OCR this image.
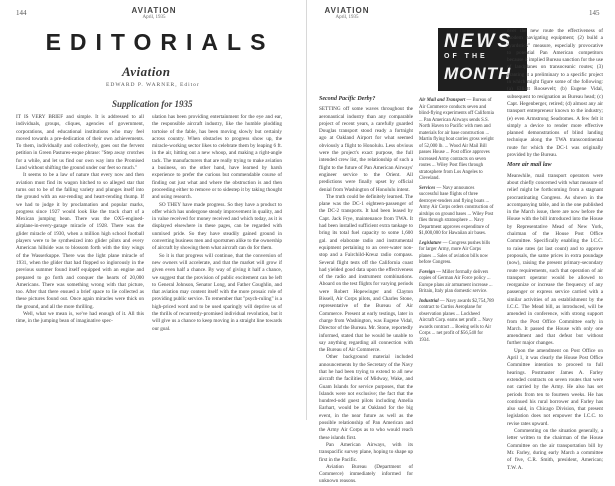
144	AVIATION
April, 1935
EDITORIALS
Aviation
EDWARD P. WARNER, Editor
Supplication for 1935

IT IS VERY BRIEF and simple. It is addressed to all individuals, groups, cliques, agencies of government, corporations, and educational institutions who may feel moved towards a pre-dedication of their own achievements. To them, individually and collectively, goes out the fervent petition in Green Pastures-esque phrase: "Step away crotches for a while, and let us find our own way into the Promised Land without shifting the ground under our feet so much."

It seems to be a law of nature that every now and then aviation must find its wagon hitched to so alleged star that turns out to be of the falling variety and plunges itself into the ground with an ear-rending and heart-rending thump. If we had to judge it by proclamation and popular marks, progress since 1927 would look like the track chart of a Mexican jumping bean. There was the OX5-engined-airplane-in-every-garage miracle of 1928. There was the glider miracle of 1930, when a million high school football players were to be synthesized into glider pilots and every American hillside was to blossom forth with the tiny wings of the Wasserkuppe. There was the light plane miracle of 1931, when the glider that had flopped so inglorously in the previous summer found itself equipped with an engine and prepared to go forth and conquer the hearts of 20,000 Americans. There was something wrong with that picture, too. After that there ensued a brief space to lie collected as these pictures found out. Once again miracles were thick on the ground, and all the more thrilling.

Well, what we mean is, we've had enough of it. All this time, in the jumping bean of imaginative spec-

ulation has been providing entertainment for the eye and ear, the responsible aircraft industry, like the humble plodding tortoise of the fable, has been moving slowly but certainly across country. When obstacles to progress show up, the miracle-working sector likes to celebrate them by leaping 6 ft. in the air, hitting out a new whoop, and making a right-angle tack. The manufacturers that are really trying to make aviation a business, on the other hand, have learned by harsh experience to prefer the curious but commendable course of finding out just what and where the obstruction is and then proceeding either to remove or to sidestep it by taking thought and using research.

SO THEY have made progress. So they have a product to offer which has undergone steady improvement in quality, and in value received for money received and which today, as it is displayed elsewhere in these pages, can be regarded with unmixed pride. So they have steadily gained ground in converting business men and sportsmen alike to the ownership of aircraft by showing them what aircraft can do for them.

So it is that progress will continue, that the conversion of new owners will accelerate, and that the market will grow if given even half a chance. By way of giving it half a chance, we suggest that the provision of public excitement can be left to General Johnson, Senator Long, and Father Coughlin, and that aviation may content itself with the more prosaic role of providing public service. To remember that "psych-ruling" is a high-priced word and to be used sparingly will deprive us of the thrills of recurrently-promised individual revolution, but it will give us a chance to keep moving in a straight line towards our goal.

AVIATION
April, 1935
145
Second Pacific Derby?

SETTING off some waves throughout the aeronautical industry than any comparable project of recent years, a carefully guarded Douglas transport stood ready a fortnight ago at Oakland Airport for what seemed obviously a flight to Honolulu. Less obvious were the project's exact purpose, the full intended crew list, the relationship of such a flight to the future of Pan American Airways' engineer service to the Orient. All predictions were finally upset by official denial from Washington of Honolulu intent.

The truth could be definitely learned. The plane was the DC-1 eighteen-passenger of the DC-2 transports. It had been leased by Capt. Jack Frye, maintenance from TWA. It had been installed sufficient extra tankage to bring its total fuel capacity to some 1,600 gal. and elaborate radio and instrumental equipment pertaining to an over-water non-stop and a Fairchild-Kreuz radio compass. Several flight tests off the California coast had yielded good data upon the effectiveness of the radio and instrument combinations. Aboard on the test flights for varying periods were Robert Hopewinger and Clayton Bissell, Air Corps pilots, and Charles Stone, representative of the Bureau of Air Commerce. Present at early testings, later in charge from Washington, was Eugene Vidal, Director of the Bureau. Mr. Stone, reportedly informed, stated that he would be unable to say anything regarding all connection with the Bureau of Air Commerce.

Other background material included announcements by the Secretary of the Navy that he had been trying to extend to all new aircraft the facilities of Midway, Wake, and Guam Islands for service purposes, that the Islands were not exclusive; the fact that the hundred-odd guest pilots including Amelia Earhart, would be at Oakland for the big event, in the near future as well as the possible relationship of Pan American and the Army Air Corps as to who would reach these islands first.

Pan American Airways, with its transpacific survey plane, hoping to shape up first in the Pacific.

Aviation Bureau (Department of Commerce) immediately informed for unknown reasons.

NEWS
OF THE
MONTH
Air Mail and Transport — Bureau of Air Commerce conducts seven and blind-flying experiments off California ... Pan American Airways sends S.S. North Haven to Pacific with men and materials for air base construction ... Martin flying boat carries gross weight of 52,000 lb. ... Wood Air Mail Bill passes House ... Post office approves increased Army contracts on seven routes ... Wiley Post flies through stratosphere from Los Angeles to Cleveland.
Services — Navy announces successful base flights of three destroyer-tenders and flying boats ... Army Air Corps orders construction of airships on ground bases ... Wiley Post flies through stratosphere ... Navy Department approves expenditure of $1,000,000 for Hawaiian air bases.
Legislature — Congress pushes bills for larger Army, more Air Corps planes ... Sales of aviation bills now before Congress.
Foreign — Miller formally delivers copies of German Air Force policy ... Europe plans air armament increase ... Britain, Italy plan domestic service.
Industrial — Navy awards $2,754,789 contract to Curtiss Aeroplane for observation planes ... Lockheed Aircraft Corp. earns net profit ... Navy awards contract ... Boeing sells to Air Corps ... net profit of $56,540 for 1934.

over the new route the effectiveness of modern navigating equipment; (2) build a "yardstick" measure, especially provocative to potential Pan American competitors because it implied Bureau sanction for the use of landplanes on transoceanic routes; (3) granting it a preliminary to a specific project in which might figure some of the following: (a) Elliott Roosevelt; (b) Eugene Vidal, subsequent to resignation as Bureau head; (c) Capt. Hegenberger, retired; (d) almost any air transport entrepreneur known to the industry; (e) even Armstrong Seadromes. A few felt it simply a device to render more effective planned demonstrations of blind landing technique along the TWA transcontinental route for which the DC-1 was originally provided by the Bureau.

More air mail law

Meanwhile, mail transport operators were about chiefly concerned with what measure of relief might be forthcoming from a stagnant procrastinating Congress. As shown in the accompanying table, and in the one published in the March issue, there are now before the House with the bill introduced into the House by Representative Mead of New York, chairman of the House Post Office Committee. Specifically enabling the I.C.C. to raise rates (at last count) and to approve proposals, the same prices in extra poundage (now), raising the present primary-secondary route requirements, such that operation of air transport operator would be allowed to reorganize or increase the frequency of any passenger or express service carried with a similar activities of an establishment by the I.C.C. The Mead bill, as introduced, will be amended in conference, with strong support from the Post Office Committee early in March. It passed the House with only one amendment and that defeat but without further major changes.

Upon the amendment on Post Office on April 1, it was clearly the House Post Office Committee intention to proceed to full hearings. Postmaster James A. Farley extended contracts on seven routes that were not carried by the Army. He also has set periods from ten to fourteen weeks. He has continued his rural borrower and Farley has also said, in Chicago Division, that present legislation does not empower the I.C.C. to revise rates upward.

Commenting on the situation generally, a letter written to the chairman of the House Committee on the air transportation bill by Mr. Farley, during early March a committee of five, C.R. Smith, president, American; T.W. A.
